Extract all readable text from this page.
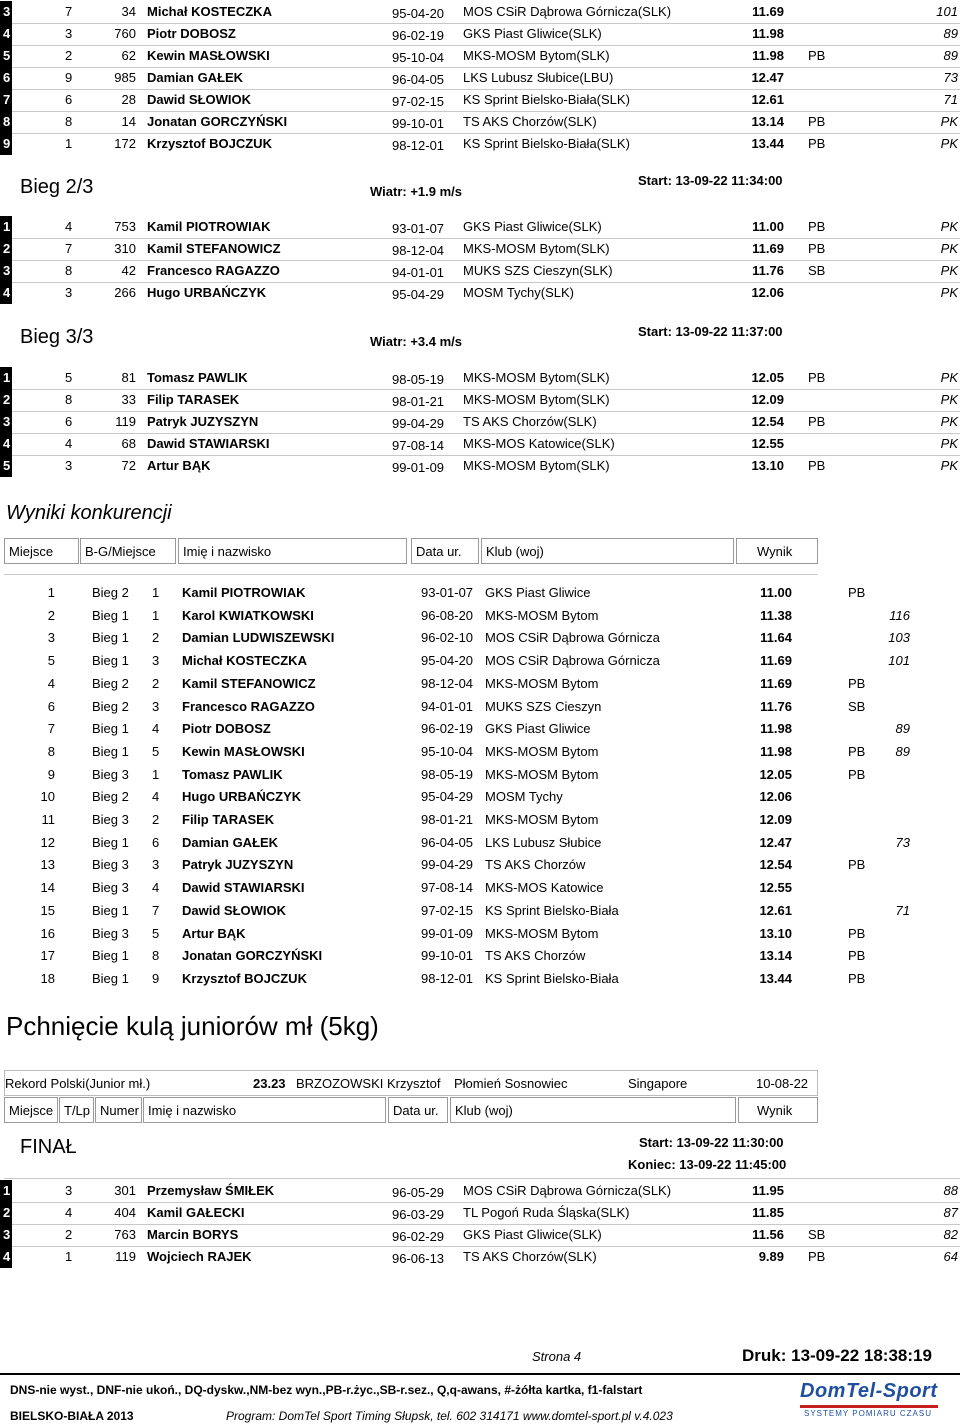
3	7	34 Michał KOSTECZKA	95-04-20 MOS CSiR Dąbrowa Górnicza(SLK)	11.69	101
4	3	760 Piotr DOBOSZ	96-02-19 GKS Piast Gliwice(SLK)	11.98	89
5	2	62 Kewin MASŁOWSKI	95-10-04 MKS-MOSM Bytom(SLK)	11.98 PB	89
6	9	985 Damian GAŁEK	96-04-05 LKS Lubusz Słubice(LBU)	12.47	73
7	6	28 Dawid SŁOWIOK	97-02-15 KS Sprint Bielsko-Biała(SLK)	12.61	71
8	8	14 Jonatan GORCZYŃSKI	99-10-01 TS AKS Chorzów(SLK)	13.14 PB	PK
9	1	172 Krzysztof BOJCZUK	98-12-01 KS Sprint Bielsko-Biała(SLK)	13.44 PB	PK
Bieg 2/3	Wiatr: +1.9 m/s
Start: 13-09-22 11:34:00
1	4	753 Kamil PIOTROWIAK	93-01-07 GKS Piast Gliwice(SLK)	11.00 PB	PK
2	7	310 Kamil STEFANOWICZ	98-12-04 MKS-MOSM Bytom(SLK)	11.69 PB	PK
3	8	42 Francesco RAGAZZO	94-01-01 MUKS SZS Cieszyn(SLK)	11.76 SB	PK
4	3	266 Hugo URBAŃCZYK	95-04-29 MOSM Tychy(SLK)	12.06	PK
Bieg 3/3	Wiatr: +3.4 m/s
Start: 13-09-22 11:37:00
1	5	81 Tomasz PAWLIK	98-05-19 MKS-MOSM Bytom(SLK)	12.05 PB	PK
2	8	33 Filip TARASEK	98-01-21 MKS-MOSM Bytom(SLK)	12.09	PK
3	6	119 Patryk JUZYSZYN	99-04-29 TS AKS Chorzów(SLK)	12.54 PB	PK
4	4	68 Dawid STAWIARSKI	97-08-14 MKS-MOS Katowice(SLK)	12.55	PK
5	3	72 Artur BĄK	99-01-09 MKS-MOSM Bytom(SLK)	13.10 PB	PK
Wyniki konkurencji
Miejsce	B-G/Miejsce	Imię i nazwisko	Data ur.	Klub (woj)	Wynik
1	Bieg 2 1 Kamil PIOTROWIAK	93-01-07 GKS Piast Gliwice	11.00	PB
2	Bieg 1 1 Karol KWIATKOWSKI	96-08-20 MKS-MOSM Bytom	11.38	116
3	Bieg 1 2 Damian LUDWISZEWSKI	96-02-10 MOS CSiR Dąbrowa Górnicza	11.64	103
5	Bieg 1 3 Michał KOSTECZKA	95-04-20 MOS CSiR Dąbrowa Górnicza	11.69	101
4	Bieg 2 2 Kamil STEFANOWICZ	98-12-04 MKS-MOSM Bytom	11.69	PB
6	Bieg 2 3 Francesco RAGAZZO	94-01-01 MUKS SZS Cieszyn	11.76	SB
7	Bieg 1 4 Piotr DOBOSZ	96-02-19 GKS Piast Gliwice	11.98	89
8	Bieg 1 5 Kewin MASŁOWSKI	95-10-04 MKS-MOSM Bytom	11.98	PB	89
9	Bieg 3 1 Tomasz PAWLIK	98-05-19 MKS-MOSM Bytom	12.05	PB
10	Bieg 2 4 Hugo URBAŃCZYK	95-04-29 MOSM Tychy	12.06
11	Bieg 3 2 Filip TARASEK	98-01-21 MKS-MOSM Bytom	12.09
12	Bieg 1 6 Damian GAŁEK	96-04-05 LKS Lubusz Słubice	12.47	73
13	Bieg 3 3 Patryk JUZYSZYN	99-04-29 TS AKS Chorzów	12.54	PB
14	Bieg 3 4 Dawid STAWIARSKI	97-08-14 MKS-MOS Katowice	12.55
15	Bieg 1 7 Dawid SŁOWIOK	97-02-15 KS Sprint Bielsko-Biała	12.61	71
16	Bieg 3 5 Artur BĄK	99-01-09 MKS-MOSM Bytom	13.10	PB
17	Bieg 1 8 Jonatan GORCZYŃSKI	99-10-01 TS AKS Chorzów	13.14	PB
18	Bieg 1 9 Krzysztof BOJCZUK	98-12-01 KS Sprint Bielsko-Biała	13.44	PB
Pchnięcie kulą juniorów mł (5kg)
Rekord Polski(Junior mł.)	23.23 BRZOZOWSKI Krzysztof Płomień Sosnowiec	Singapore	10-08-22
Miejsce T/Lp Numer Imię i nazwisko	Data ur.	Klub (woj)	Wynik
FINAŁ	Start: 13-09-22 11:30:00
Koniec: 13-09-22 11:45:00
1	3	301 Przemysław ŚMIŁEK	96-05-29 MOS CSiR Dąbrowa Górnicza(SLK)	11.95	88
2	4	404 Kamil GAŁECKI	96-03-29 TL Pogoń Ruda Śląska(SLK)	11.85	87
3	2	763 Marcin BORYS	96-02-29 GKS Piast Gliwice(SLK)	11.56 SB	82
4	1	119 Wojciech RAJEK	96-06-13 TS AKS Chorzów(SLK)	9.89 PB	64
Strona 4	Druk: 13-09-22 18:38:19
DNS-nie wyst., DNF-nie ukoń., DQ-dyskw.,NM-bez wyn.,PB-r.życ.,SB-r.sez., Q,q-awans, #-żółta kartka, f1-falstart
BIELSKO-BIAŁA 2013	Program: DomTel Sport Timing Słupsk, tel. 602 314171 www.domtel-sport.pl v.4.023
DomTel-Sport
SYSTEMY POMIARU CZASU
